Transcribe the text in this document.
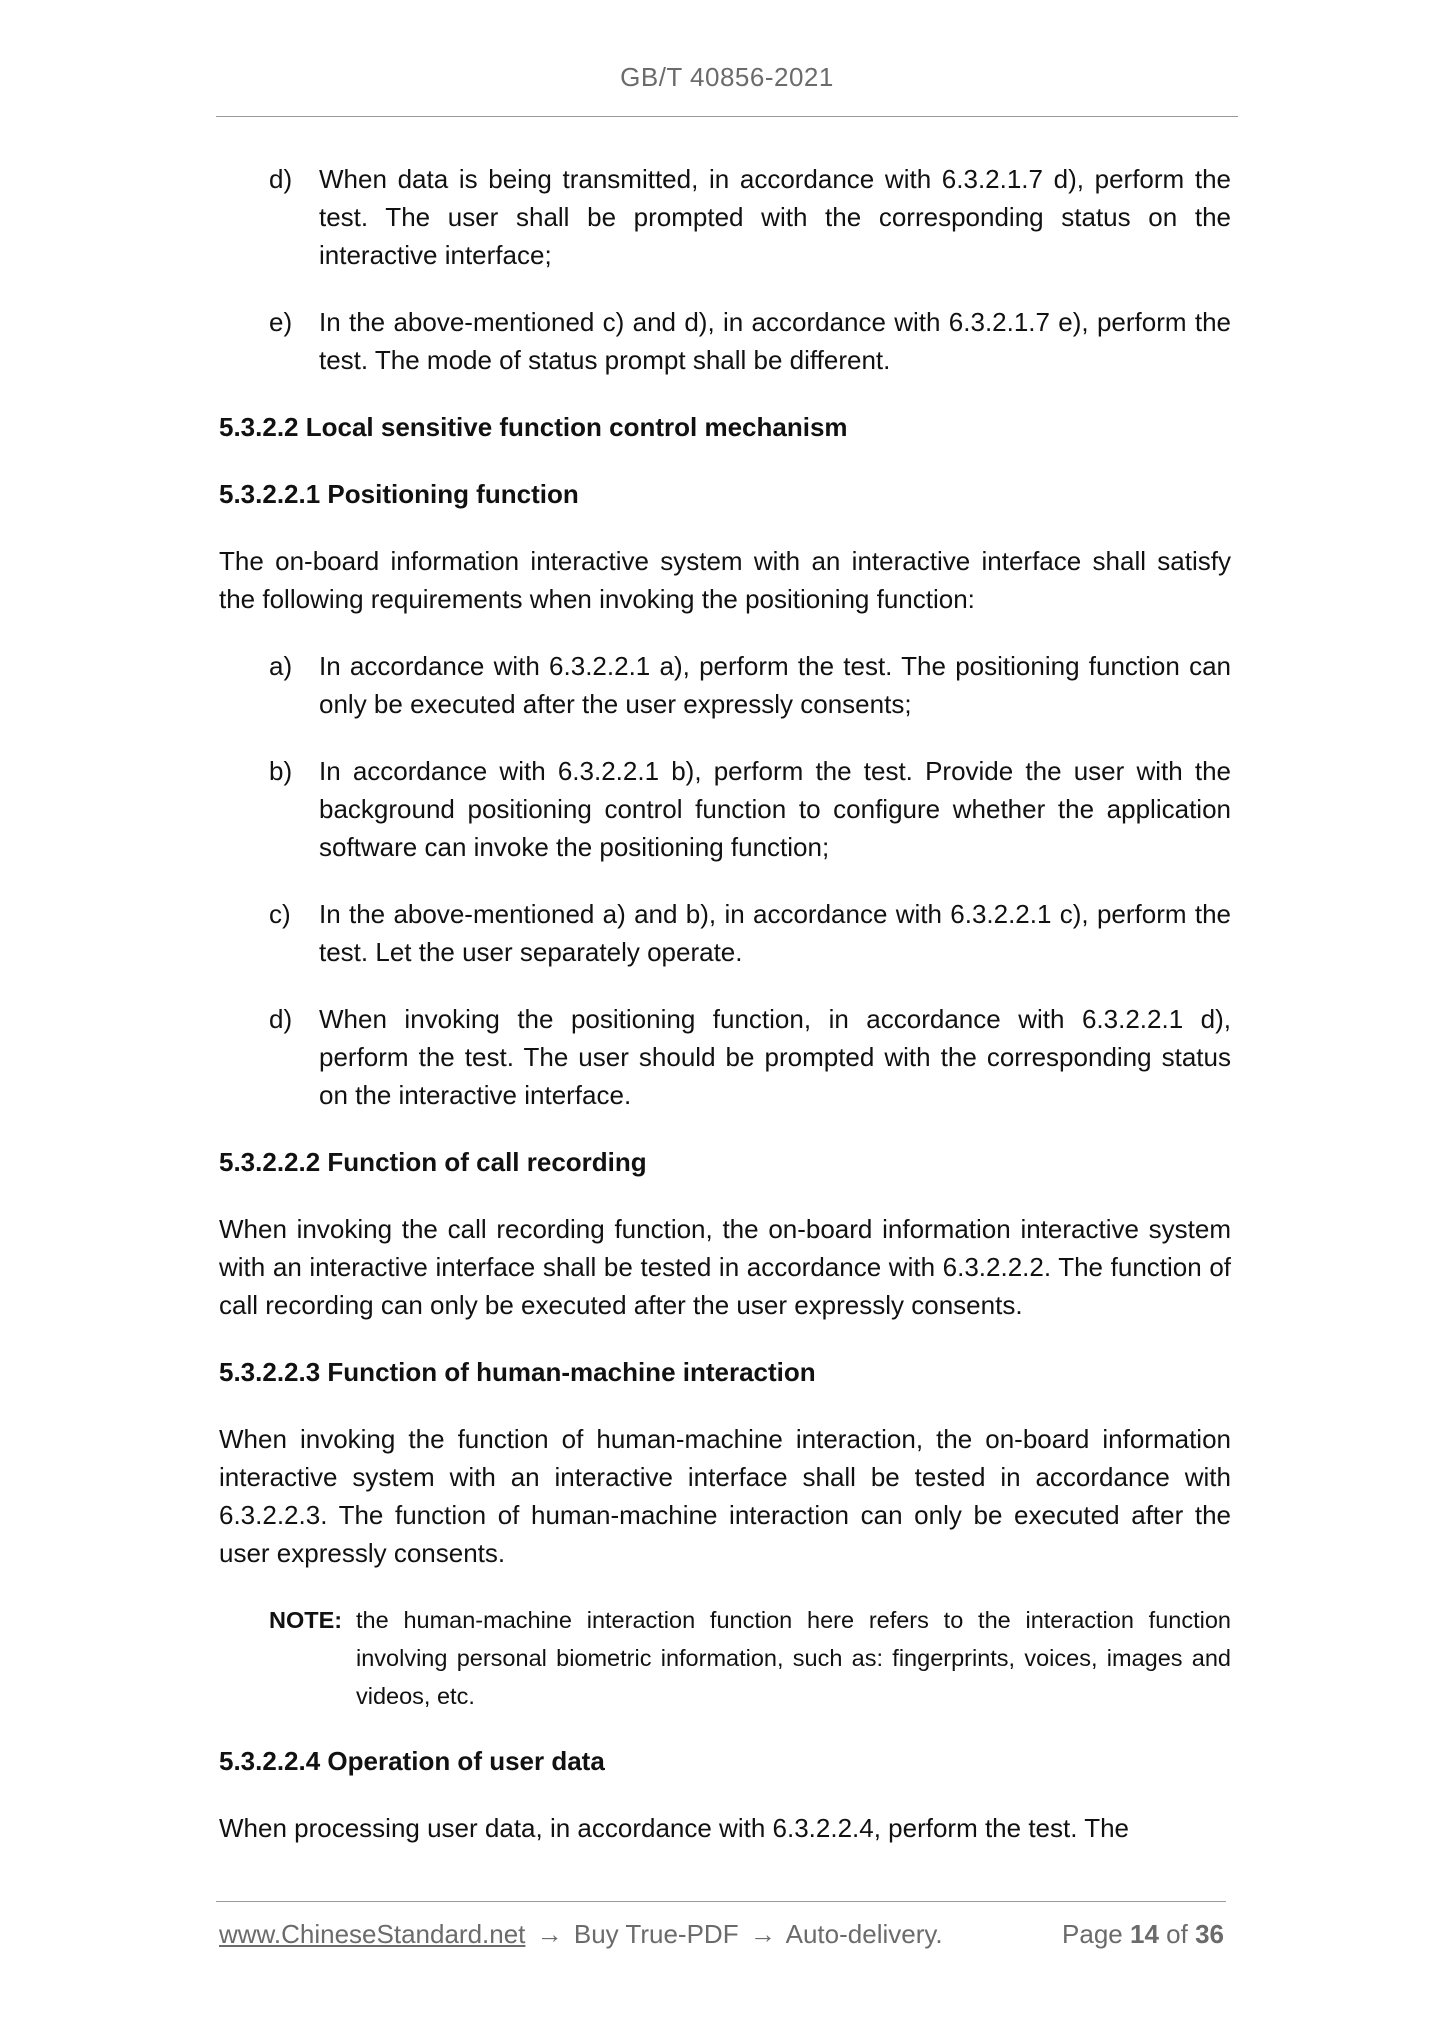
GB/T 40856-2021
d)	When data is being transmitted, in accordance with 6.3.2.1.7 d), perform the test. The user shall be prompted with the corresponding status on the interactive interface;
e)	In the above-mentioned c) and d), in accordance with 6.3.2.1.7 e), perform the test. The mode of status prompt shall be different.
5.3.2.2 Local sensitive function control mechanism
5.3.2.2.1 Positioning function
The on-board information interactive system with an interactive interface shall satisfy the following requirements when invoking the positioning function:
a)	In accordance with 6.3.2.2.1 a), perform the test. The positioning function can only be executed after the user expressly consents;
b)	In accordance with 6.3.2.2.1 b), perform the test. Provide the user with the background positioning control function to configure whether the application software can invoke the positioning function;
c)	In the above-mentioned a) and b), in accordance with 6.3.2.2.1 c), perform the test. Let the user separately operate.
d)	When invoking the positioning function, in accordance with 6.3.2.2.1 d), perform the test. The user should be prompted with the corresponding status on the interactive interface.
5.3.2.2.2 Function of call recording
When invoking the call recording function, the on-board information interactive system with an interactive interface shall be tested in accordance with 6.3.2.2.2. The function of call recording can only be executed after the user expressly consents.
5.3.2.2.3 Function of human-machine interaction
When invoking the function of human-machine interaction, the on-board information interactive system with an interactive interface shall be tested in accordance with 6.3.2.2.3. The function of human-machine interaction can only be executed after the user expressly consents.
NOTE: the human-machine interaction function here refers to the interaction function involving personal biometric information, such as: fingerprints, voices, images and videos, etc.
5.3.2.2.4 Operation of user data
When processing user data, in accordance with 6.3.2.2.4, perform the test. The
www.ChineseStandard.net → Buy True-PDF → Auto-delivery.	Page 14 of 36
